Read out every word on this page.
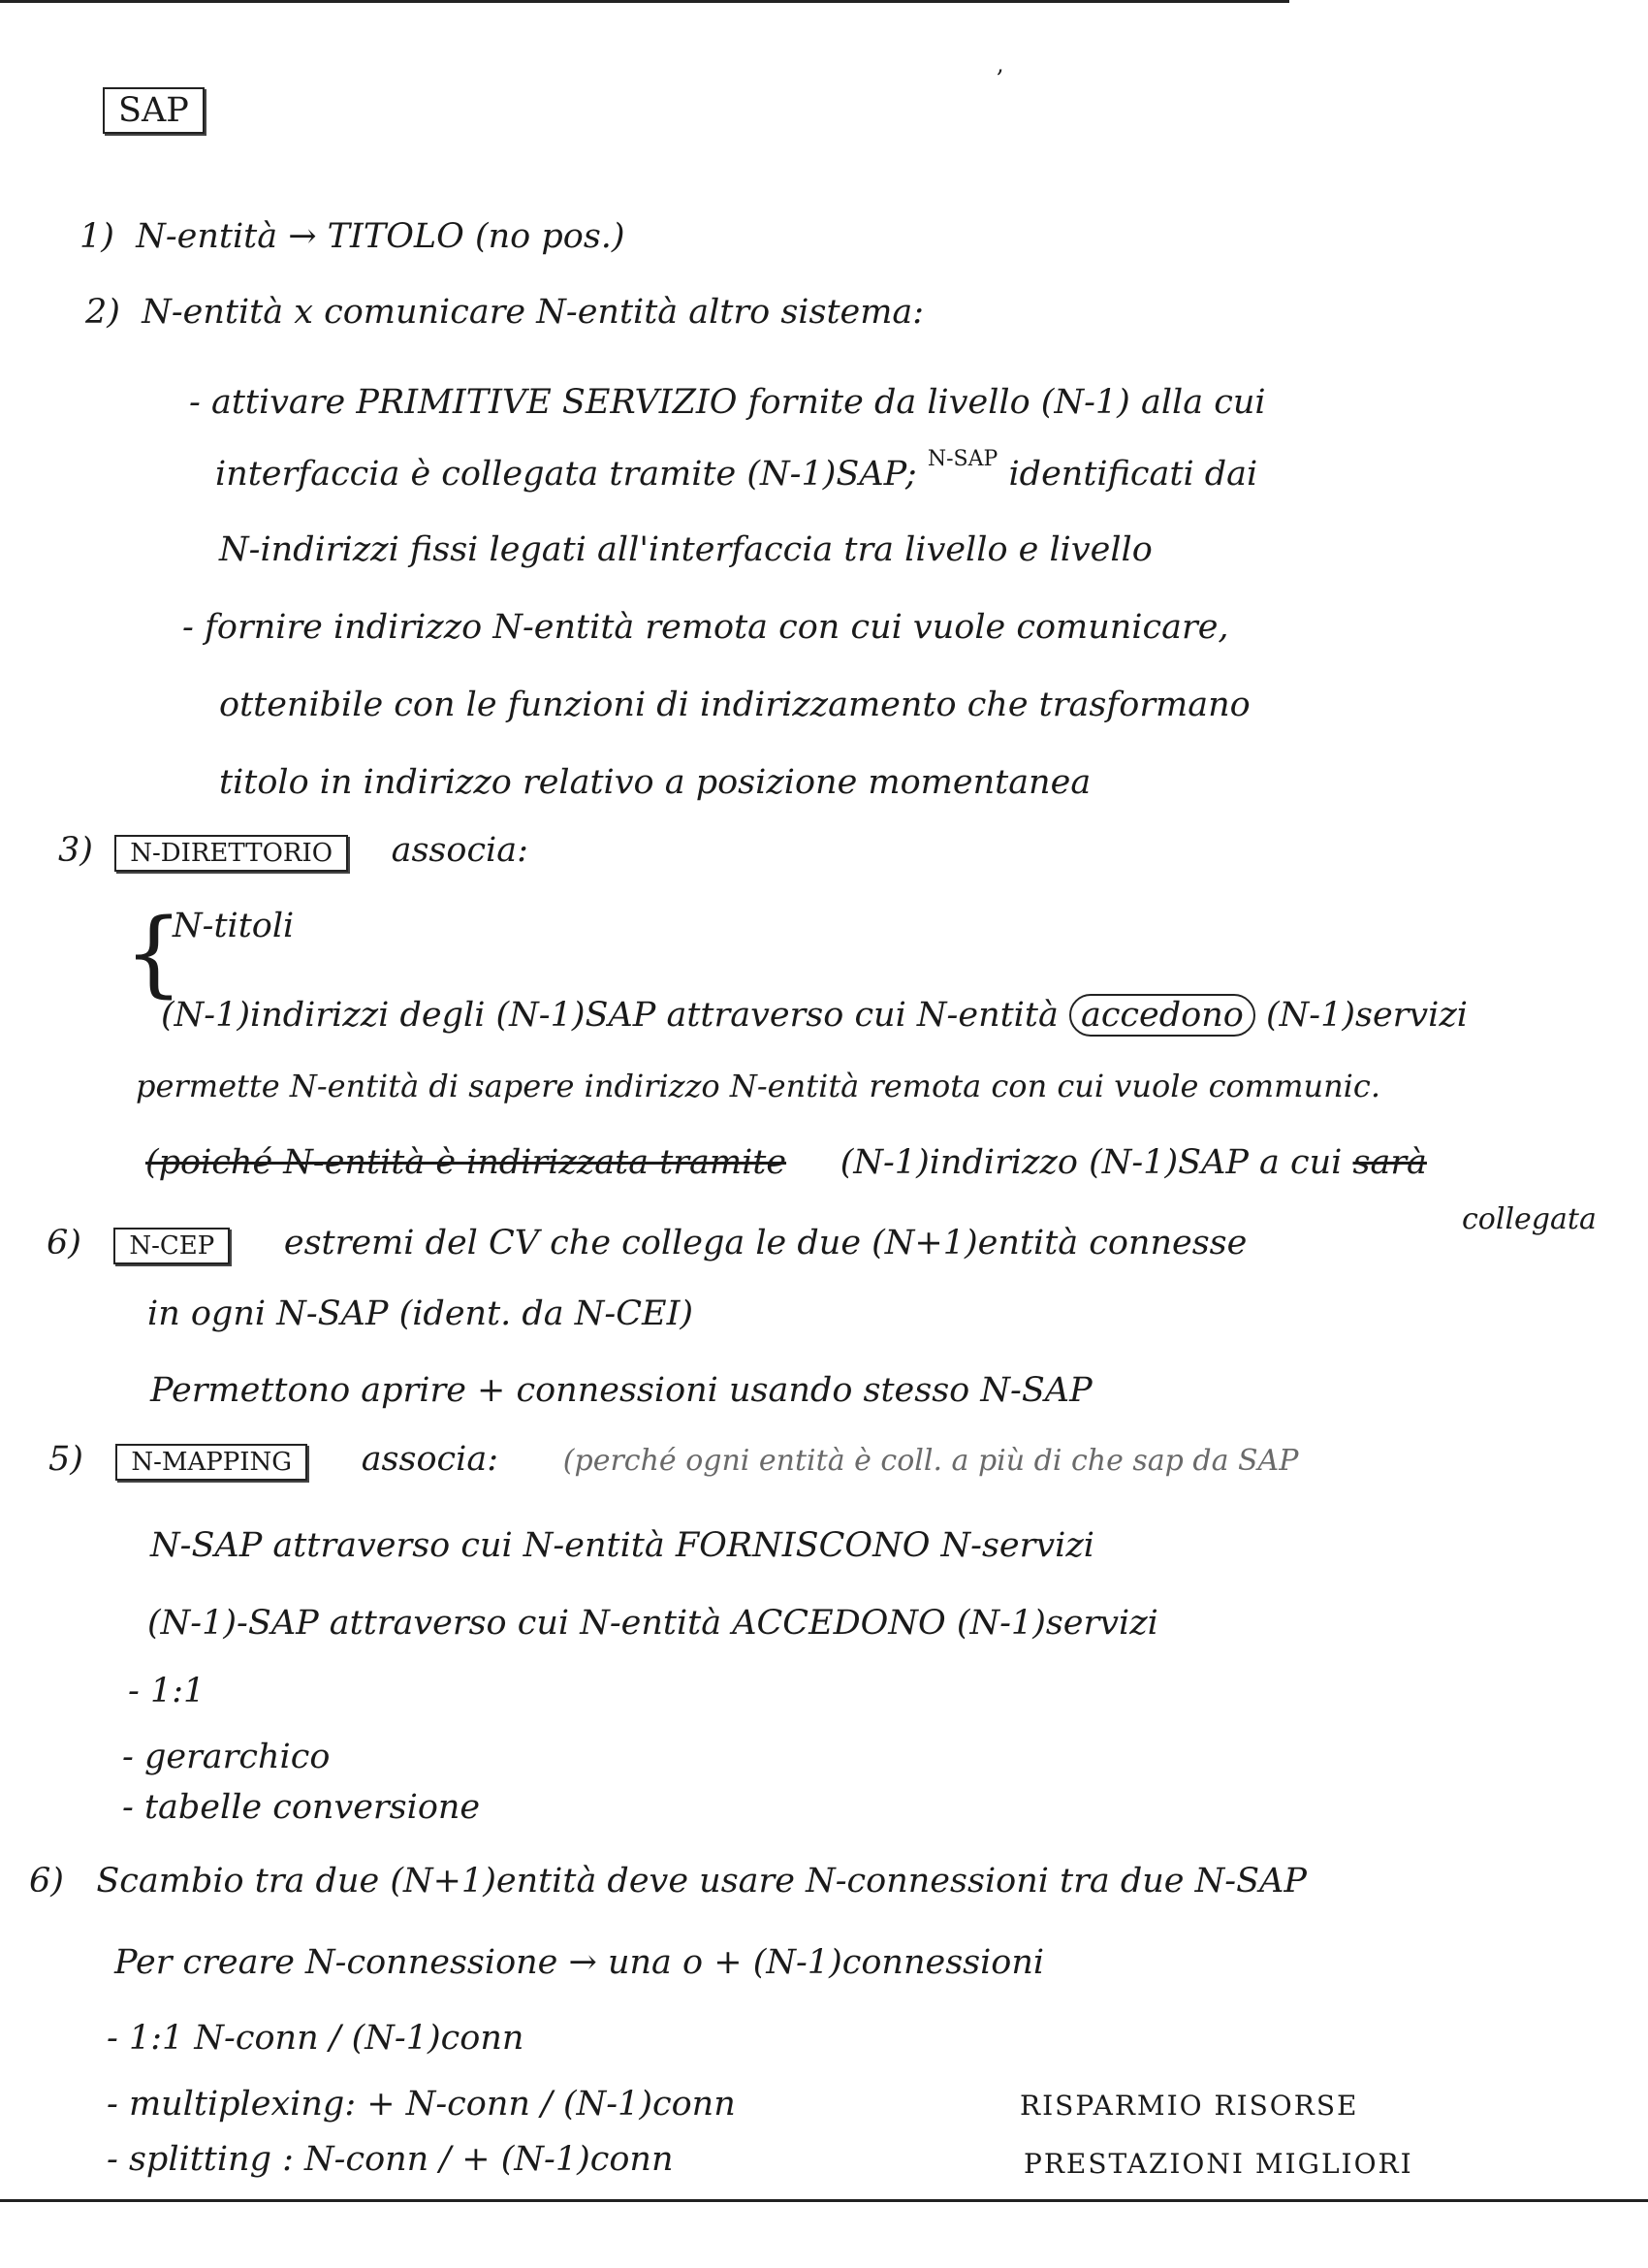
,
SAP
1) N-entità → TITOLO (no pos.)
2) N-entità x comunicare N-entità altro sistema:
- attivare PRIMITIVE SERVIZIO fornite da livello (N-1) alla cui
interfaccia è collegata tramite (N-1)SAP; $^{N-SAP}$ identificati dai
N-indirizzi fissi legati all'interfaccia tra livello e livello
- fornire indirizzo N-entità remota con cui vuole comunicare,
ottenibile con le funzioni di indirizzamento che trasformano
titolo in indirizzo relativo a posizione momentanea
3) N-DIRETTORIO associa:
{
N-titoli
(N-1)indirizzi degli (N-1)SAP attraverso cui N-entità accedono (N-1)servizi
permette N-entità di sapere indirizzo N-entità remota con cui vuole communic.
(poiché N-entità è indirizzata tramite (N-1)indirizzo (N-1)SAP a cui sarà
collegata
6) N-CEP estremi del CV che collega le due (N+1)entità connesse
in ogni N-SAP (ident. da N-CEI)
Permettono aprire + connessioni usando stesso N-SAP
5) N-MAPPING associa: (perché ogni entità è coll. a più di che sap da SAP
N-SAP attraverso cui N-entità FORNISCONO N-servizi
(N-1)-SAP attraverso cui N-entità ACCEDONO (N-1)servizi
- 1:1
- gerarchico
- tabelle conversione
6) Scambio tra due (N+1)entità deve usare N-connessioni tra due N-SAP
Per creare N-connessione → una o + (N-1)connessioni
- 1:1 N-conn / (N-1)conn
- multiplexing: + N-conn / (N-1)conn	RISPARMIO RISORSE
- splitting : N-conn / + (N-1)conn	PRESTAZIONI MIGLIORI
